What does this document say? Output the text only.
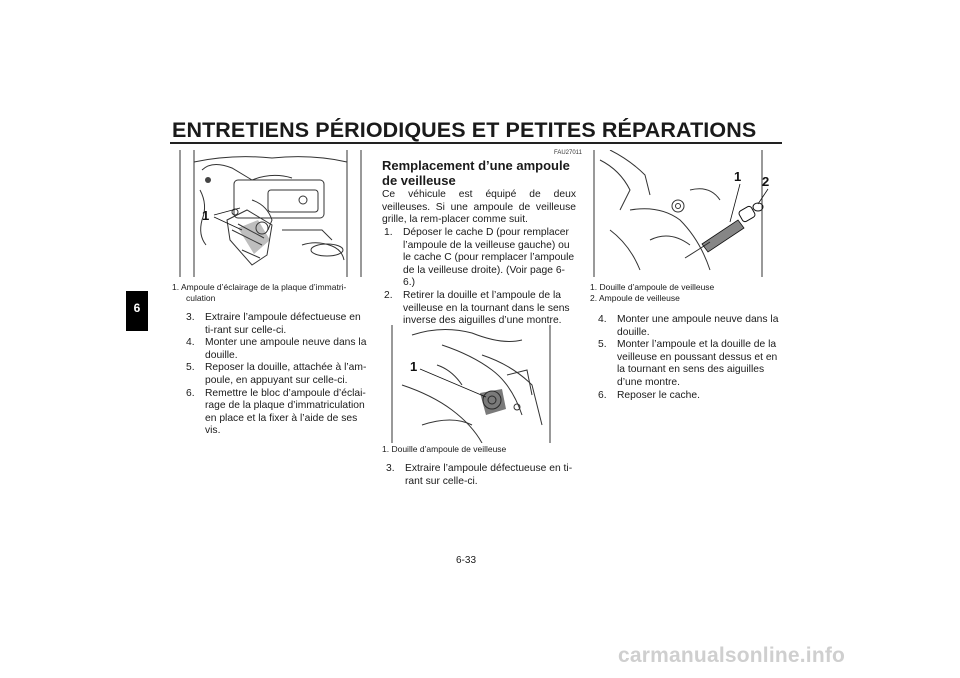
ENTRETIENS PÉRIODIQUES ET PETITES RÉPARATIONS
6
1
1. Ampoule d’éclairage de la plaque d’immatri-
culation
3. Extraire l’ampoule défectueuse en ti-rant sur celle-ci.
4. Monter une ampoule neuve dans la douille.
5. Reposer la douille, attachée à l’am-poule, en appuyant sur celle-ci.
6. Remettre le bloc d’ampoule d’éclai-rage de la plaque d’immatriculation en place et la fixer à l’aide de ses vis.
FAU27011
Remplacement d’une ampoule
de veilleuse
Ce véhicule est équipé de deux veilleuses. Si une ampoule de veilleuse grille, la rem-placer comme suit.
1. Déposer le cache D (pour remplacer l’ampoule de la veilleuse gauche) ou le cache C (pour remplacer l’ampoule de la veilleuse droite). (Voir page 6-6.)
2. Retirer la douille et l’ampoule de la veilleuse en la tournant dans le sens inverse des aiguilles d’une montre.
1
1. Douille d’ampoule de veilleuse
3. Extraire l’ampoule défectueuse en ti-rant sur celle-ci.
1 2
1. Douille d’ampoule de veilleuse
2. Ampoule de veilleuse
4. Monter une ampoule neuve dans la douille.
5. Monter l’ampoule et la douille de la veilleuse en poussant dessus et en la tournant en sens des aiguilles d’une montre.
6. Reposer le cache.
6-33
carmanualsonline.info
